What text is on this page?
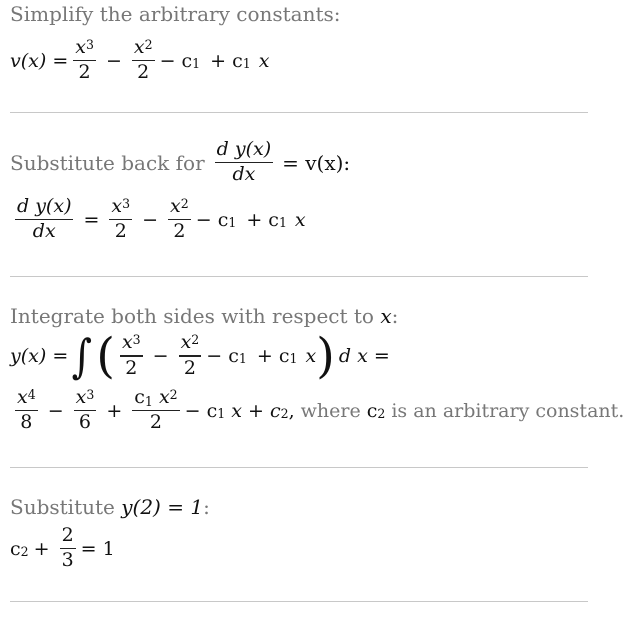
Simplify the arbitrary constants:
$v(x) = \frac{x^3}{2} - \frac{x^2}{2} - c_1 + c_1$ x
Substitute back for $\frac{\text{d y(x)}}{dx} = v(x)$:
$\frac{\text{d y(x)}}{dx} = \frac{x^3}{2} - \frac{x^2}{2} - c_1 + c_1$ x
Integrate both sides with respect to x:
y(x) = ∫ ( $\frac{x^3}{2} - \frac{x^2}{2} - c_1 + c_1$ x ) d x =
$\frac{x^4}{8} - \frac{x^3}{6} + \frac{c_1 x^2}{2} - c_1$ $x + c_2$ , where $c_2$ is an arbitrary constant.
Substitute y(2) = 1:
$c_2 + \frac{2}{3} = 1$
